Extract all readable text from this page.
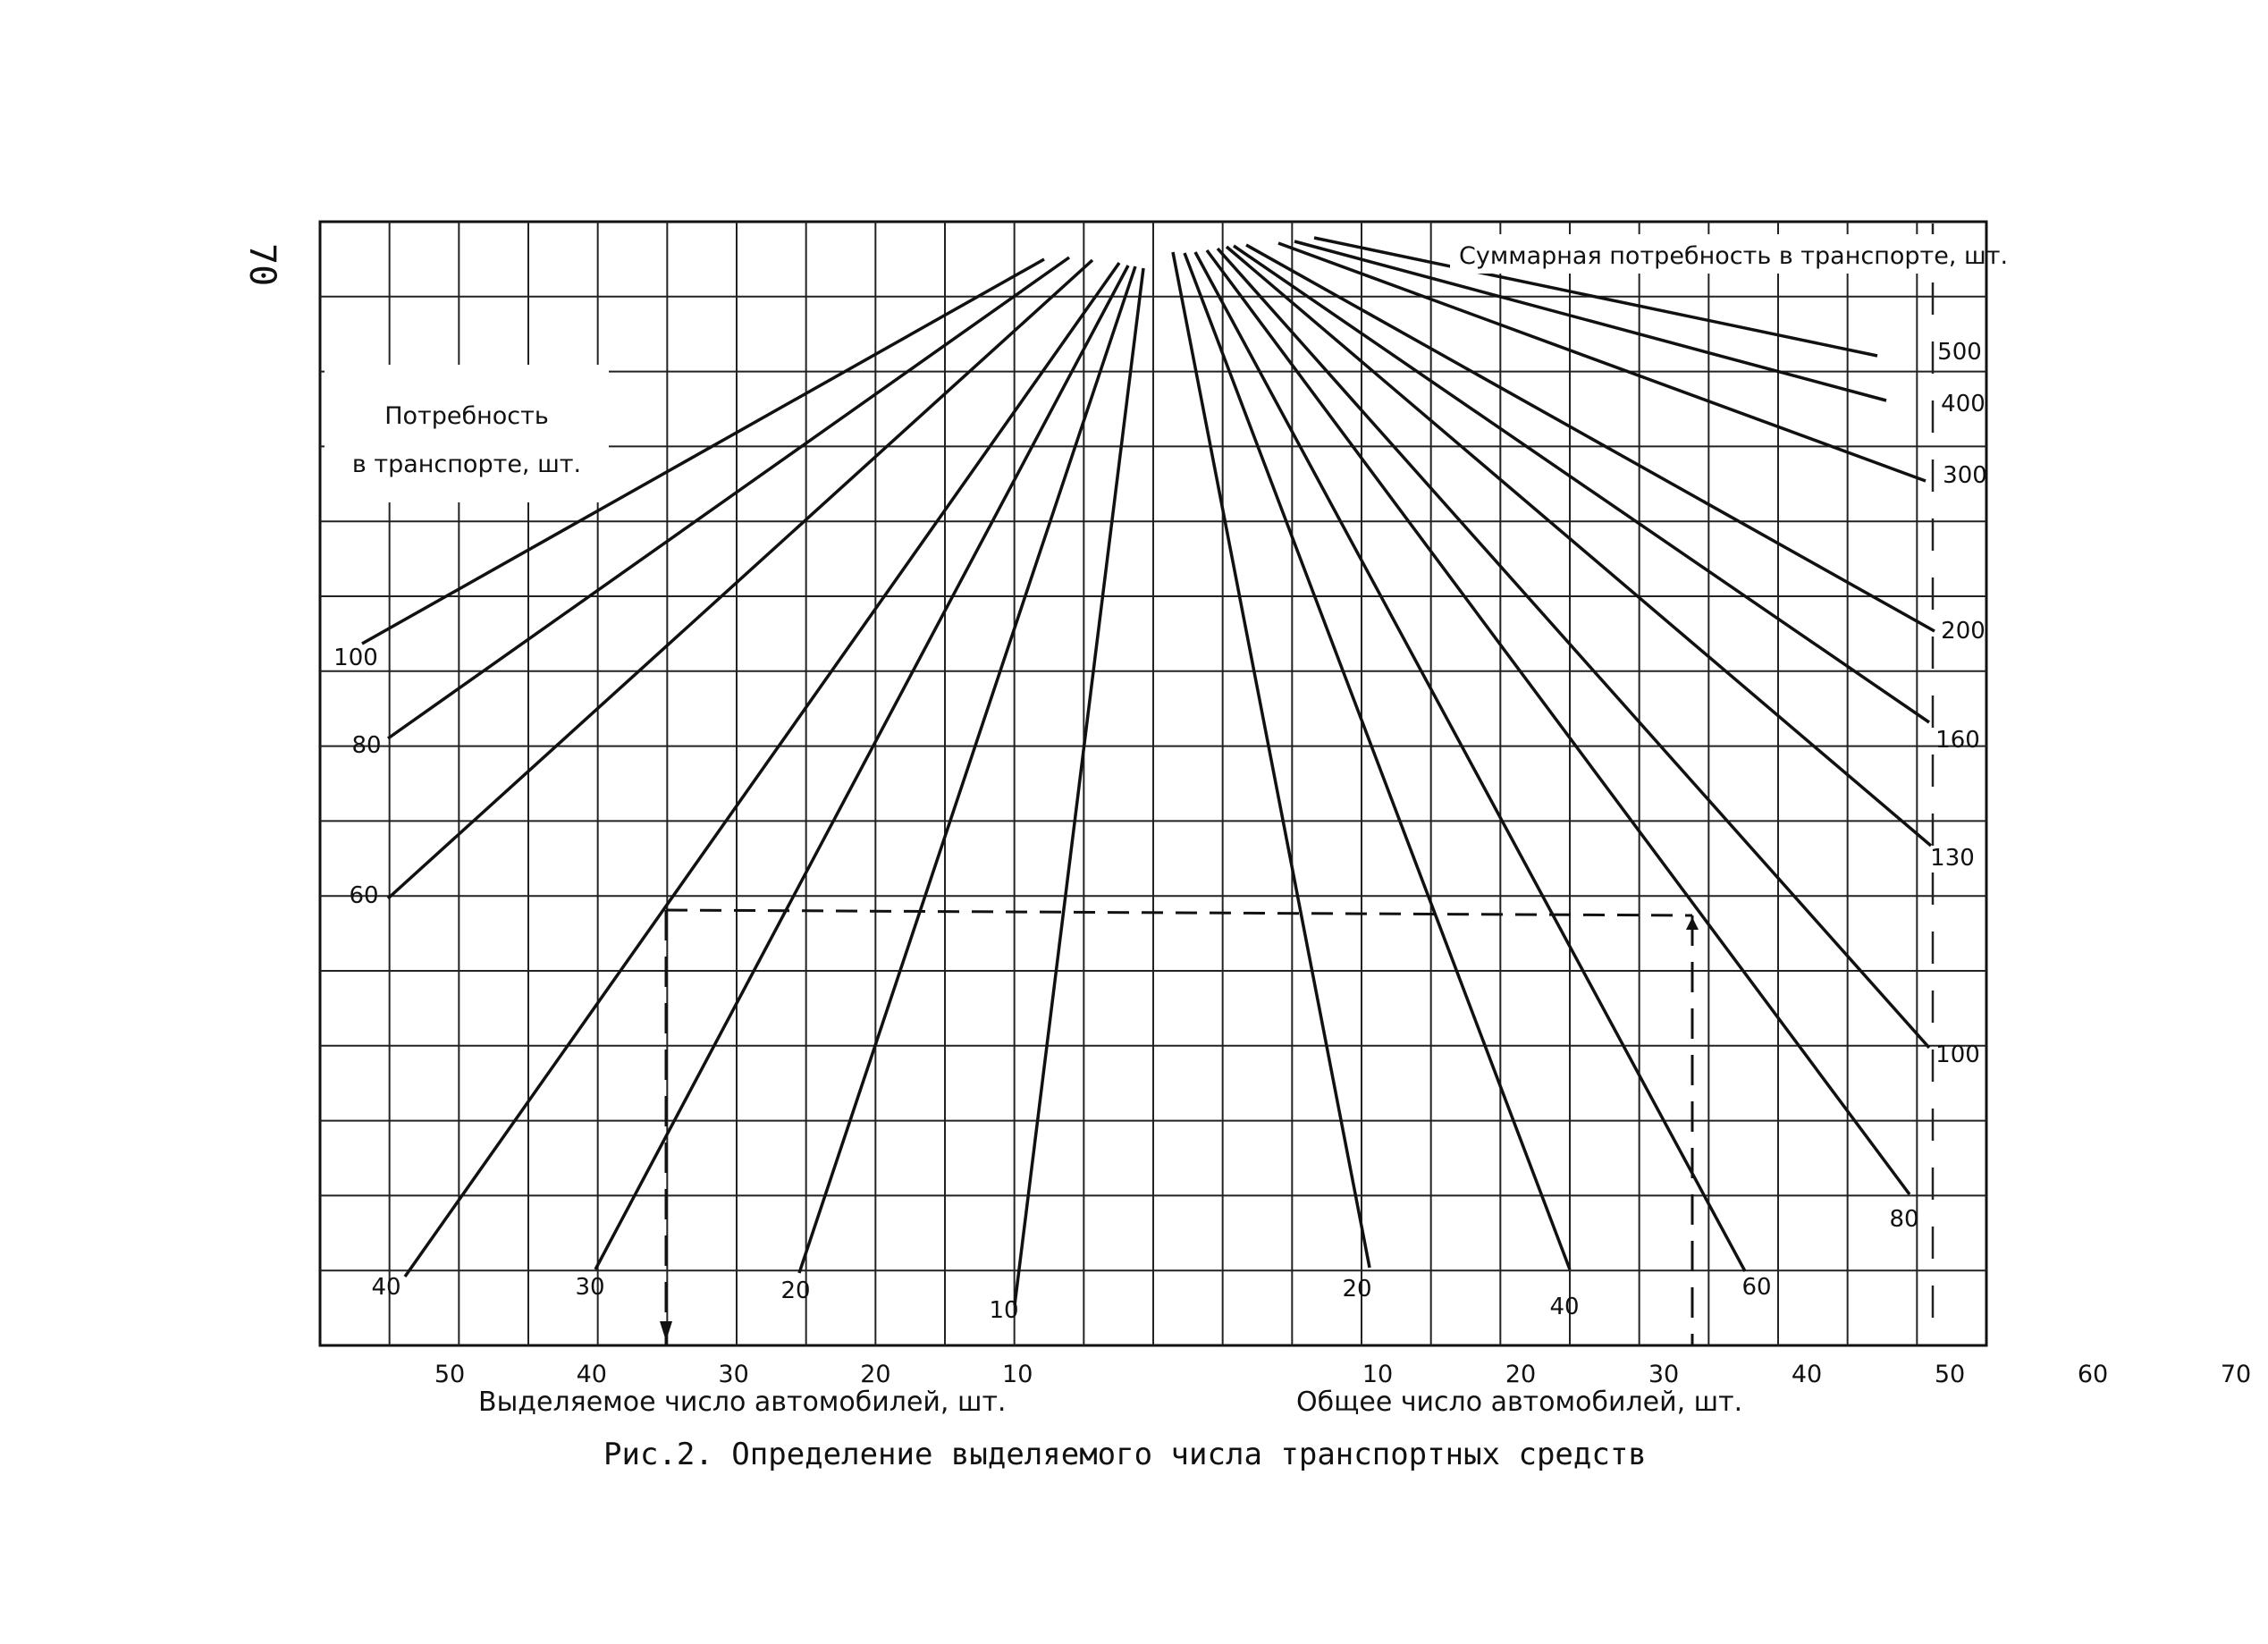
50	40	30	20	10	10	20	30	40	50	60	70
100
80
60
40	30	20
10
20
40
60
80
100
130
160
200
300
400
500
70
Потребность
в транспорте, шт.
Суммарная потребность в транспорте, шт.
Выделяемое число автомобилей, шт.	Общее число автомобилей, шт.
Рис.2. Определение выделяемого числа транспортных средств
